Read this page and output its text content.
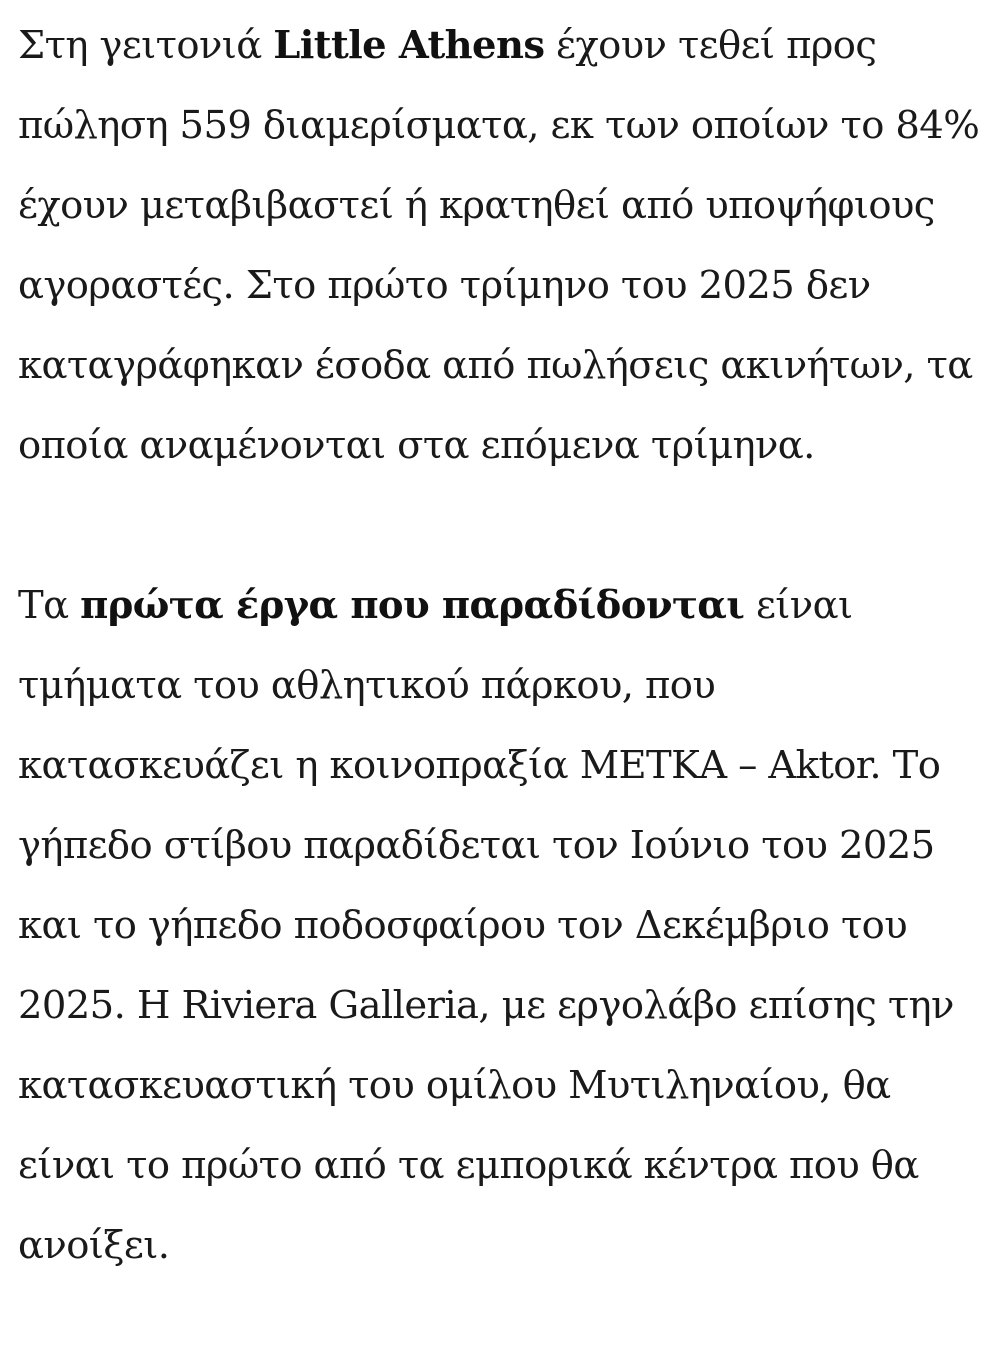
Στη γειτονιά Little Athens έχουν τεθεί προς πώληση 559 διαμερίσματα, εκ των οποίων το 84% έχουν μεταβιβαστεί ή κρατηθεί από υποψήφιους αγοραστές. Στο πρώτο τρίμηνο του 2025 δεν καταγράφηκαν έσοδα από πωλήσεις ακινήτων, τα οποία αναμένονται στα επόμενα τρίμηνα.

Τα πρώτα έργα που παραδίδονται είναι τμήματα του αθλητικού πάρκου, που κατασκευάζει η κοινοπραξία ΜΕΤΚΑ – Aktor. Το γήπεδο στίβου παραδίδεται τον Ιούνιο του 2025 και το γήπεδο ποδοσφαίρου τον Δεκέμβριο του 2025. Η Riviera Galleria, με εργολάβο επίσης την κατασκευαστική του ομίλου Μυτιληναίου, θα είναι το πρώτο από τα εμπορικά κέντρα που θα ανοίξει.
